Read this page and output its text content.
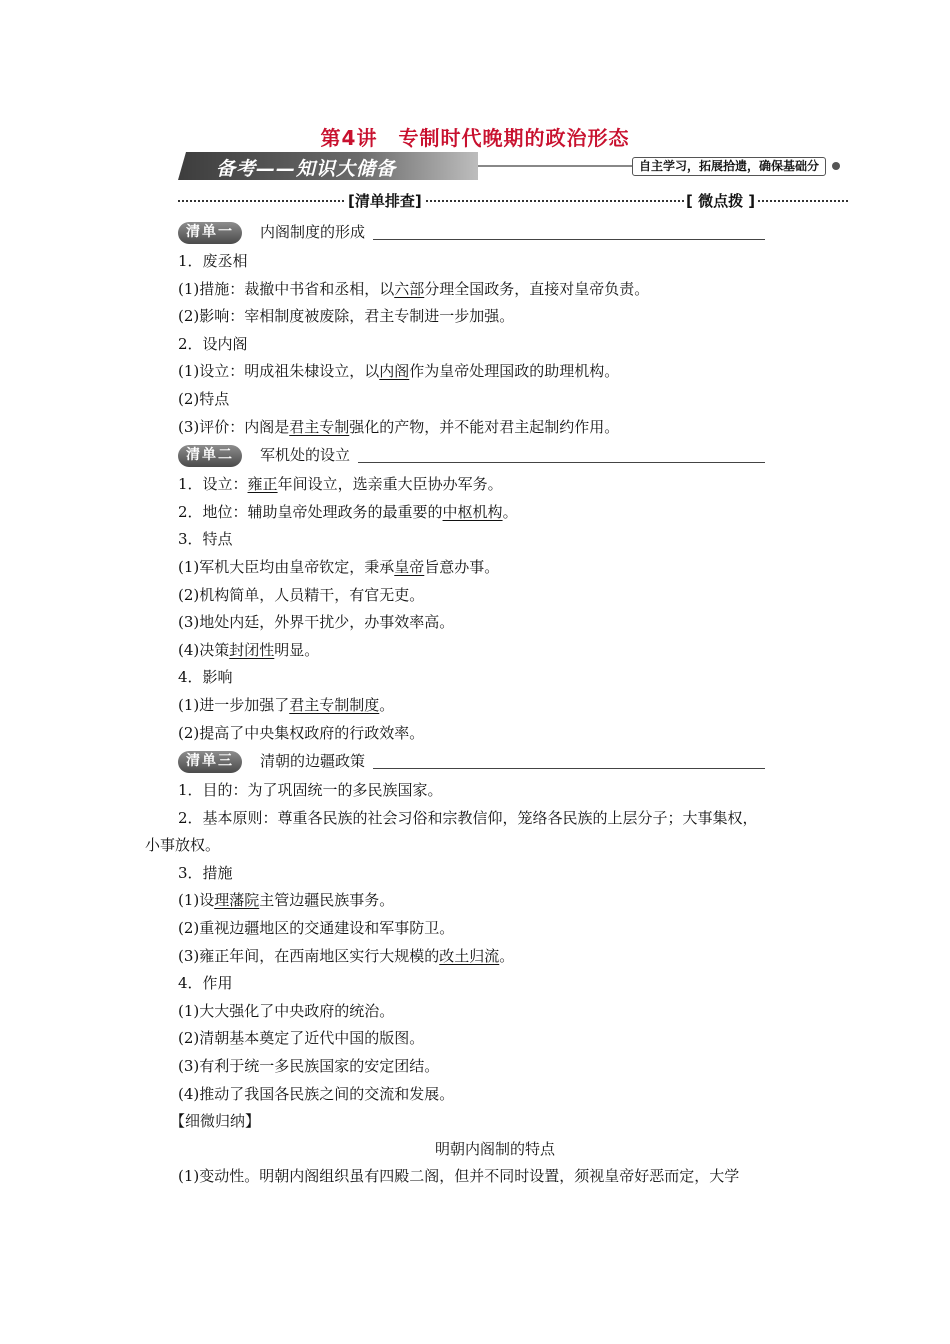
第4讲　专制时代晚期的政治形态
备考——知识大储备	自主学习，拓展拾遗，确保基础分
[清单排查]	[ 微点拨 ]
清单一	内阁制度的形成

1．废丞相

(1)措施：裁撤中书省和丞相，以六部分理全国政务，直接对皇帝负责。

(2)影响：宰相制度被废除，君主专制进一步加强。

2．设内阁

(1)设立：明成祖朱棣设立，以内阁作为皇帝处理国政的助理机构。

(2)特点

(3)评价：内阁是君主专制强化的产物，并不能对君主起制约作用。

清单二	军机处的设立

1．设立：雍正年间设立，选亲重大臣协办军务。

2．地位：辅助皇帝处理政务的最重要的中枢机构。

3．特点

(1)军机大臣均由皇帝钦定，秉承皇帝旨意办事。

(2)机构简单，人员精干，有官无吏。

(3)地处内廷，外界干扰少，办事效率高。

(4)决策封闭性明显。

4．影响

(1)进一步加强了君主专制制度。

(2)提高了中央集权政府的行政效率。

清单三	清朝的边疆政策

1．目的：为了巩固统一的多民族国家。

2．基本原则：尊重各民族的社会习俗和宗教信仰，笼络各民族的上层分子；大事集权，

小事放权。

3．措施

(1)设理藩院主管边疆民族事务。

(2)重视边疆地区的交通建设和军事防卫。

(3)雍正年间，在西南地区实行大规模的改土归流。

4．作用

(1)大大强化了中央政府的统治。

(2)清朝基本奠定了近代中国的版图。

(3)有利于统一多民族国家的安定团结。

(4)推动了我国各民族之间的交流和发展。

【细微归纳】

明朝内阁制的特点

(1)变动性。明朝内阁组织虽有四殿二阁，但并不同时设置，须视皇帝好恶而定，大学
